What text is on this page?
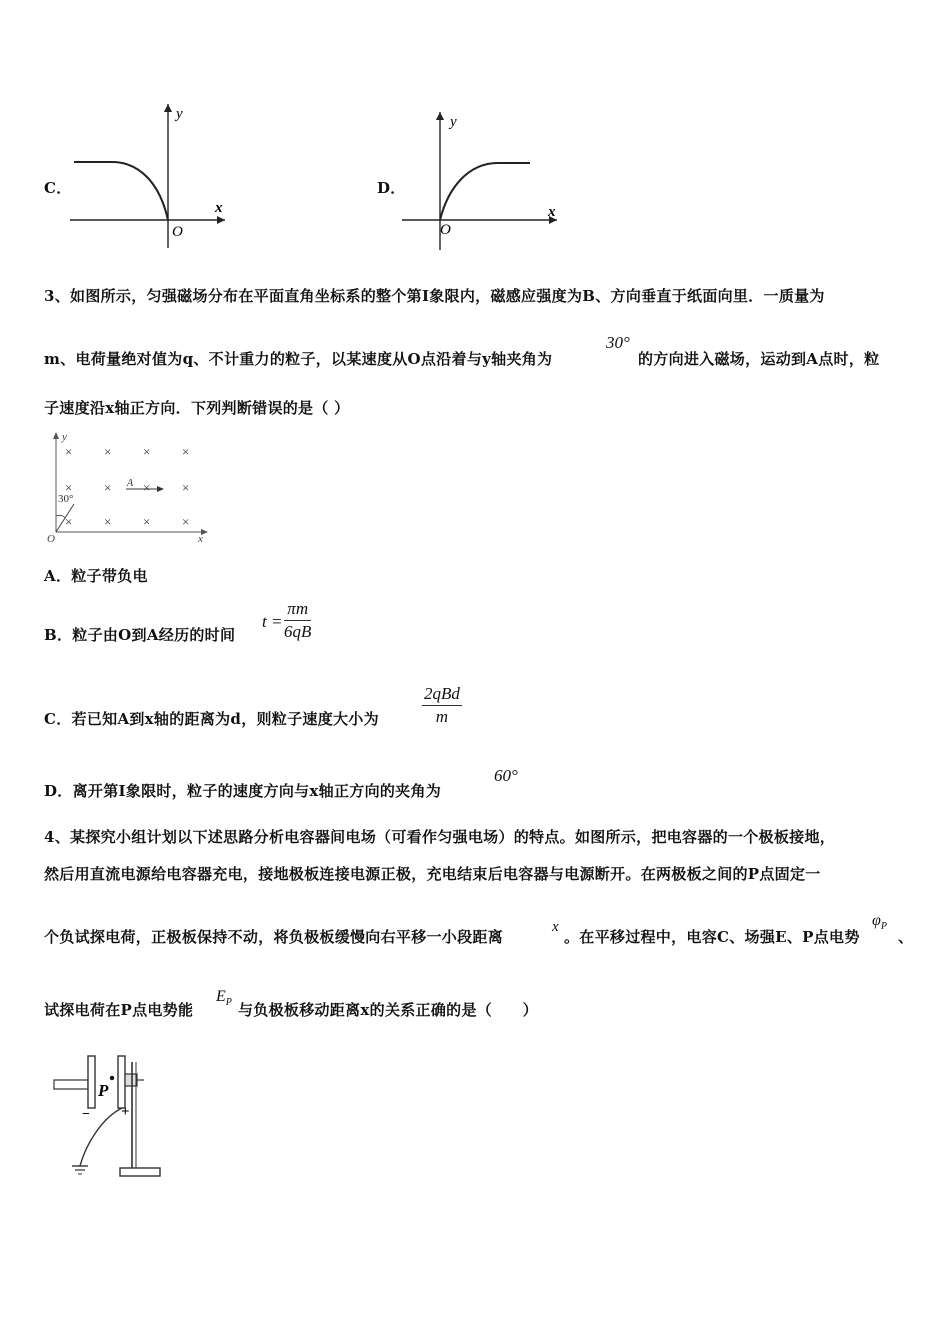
C．
y
x
O
D．
y
x
O
3、如图所示，匀强磁场分布在平面直角坐标系的整个第Ⅰ象限内，磁感应强度为B、方向垂直于纸面向里．一质量为
m、电荷量绝对值为q、不计重力的粒子，以某速度从O点沿着与y轴夹角为
30°
的方向进入磁场，运动到A点时，粒
子速度沿x轴正方向．下列判断错误的是（ ）
y
x
O
× × × ×
× × × ×
× × × ×
A
30°
A．粒子带负电
B．粒子由O到A经历的时间
$t = \frac{\pi m}{6qB}$
C．若已知A到x轴的距离为d，则粒子速度大小为
2qBd
m
D．离开第Ⅰ象限时，粒子的速度方向与x轴正方向的夹角为
60°
4、某探究小组计划以下述思路分析电容器间电场（可看作匀强电场）的特点。如图所示，把电容器的一个极板接地，
然后用直流电源给电容器充电，接地极板连接电源正极，充电结束后电容器与电源断开。在两极板之间的P点固定一
个负试探电荷，正极板保持不动，将负极板缓慢向右平移一小段距离
x
。在平移过程中，电容C、场强E、P点电势
$\varphi_P$
、
试探电荷在P点电势能
$E_P$ 与负极板移动距离x的关系正确的是（　　）
P
− +
